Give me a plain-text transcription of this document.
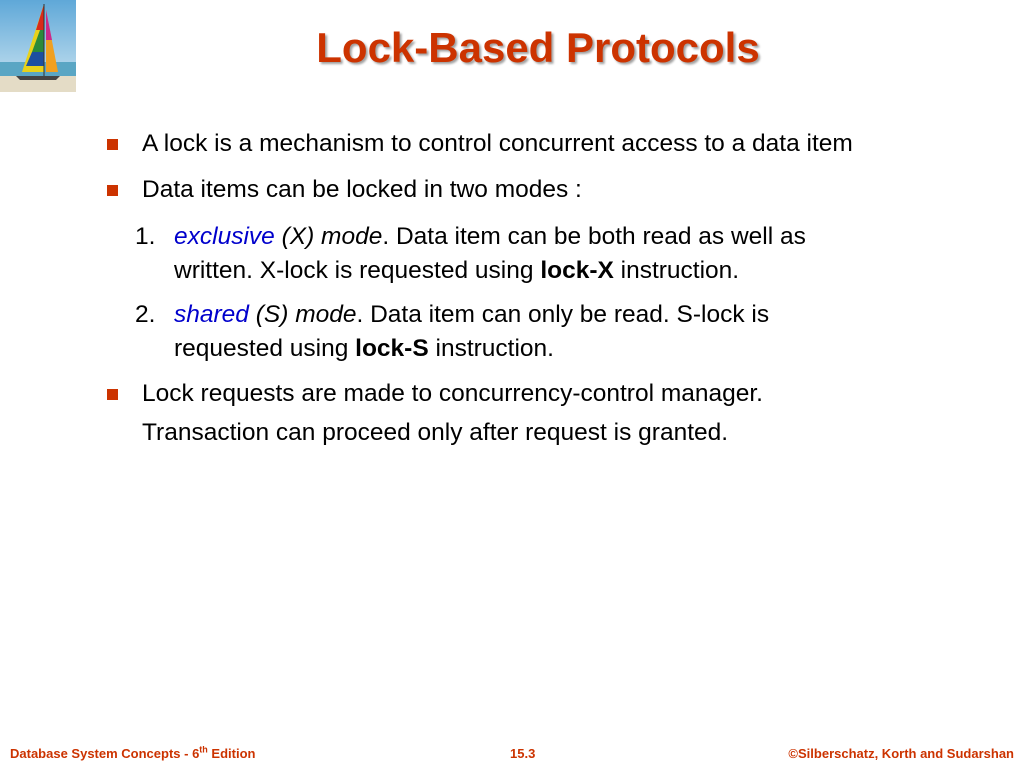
Lock-Based Protocols
A lock is a mechanism to control concurrent access to a data item
Data items can be locked in two modes :
1. exclusive (X) mode. Data item can be both read as well as
written. X-lock is requested using lock-X instruction.
2. shared (S) mode. Data item can only be read. S-lock is
requested using lock-S instruction.
Lock requests are made to concurrency-control manager.
Transaction can proceed only after request is granted.
Database System Concepts - 6th Edition	15.3	©Silberschatz, Korth and Sudarshan
